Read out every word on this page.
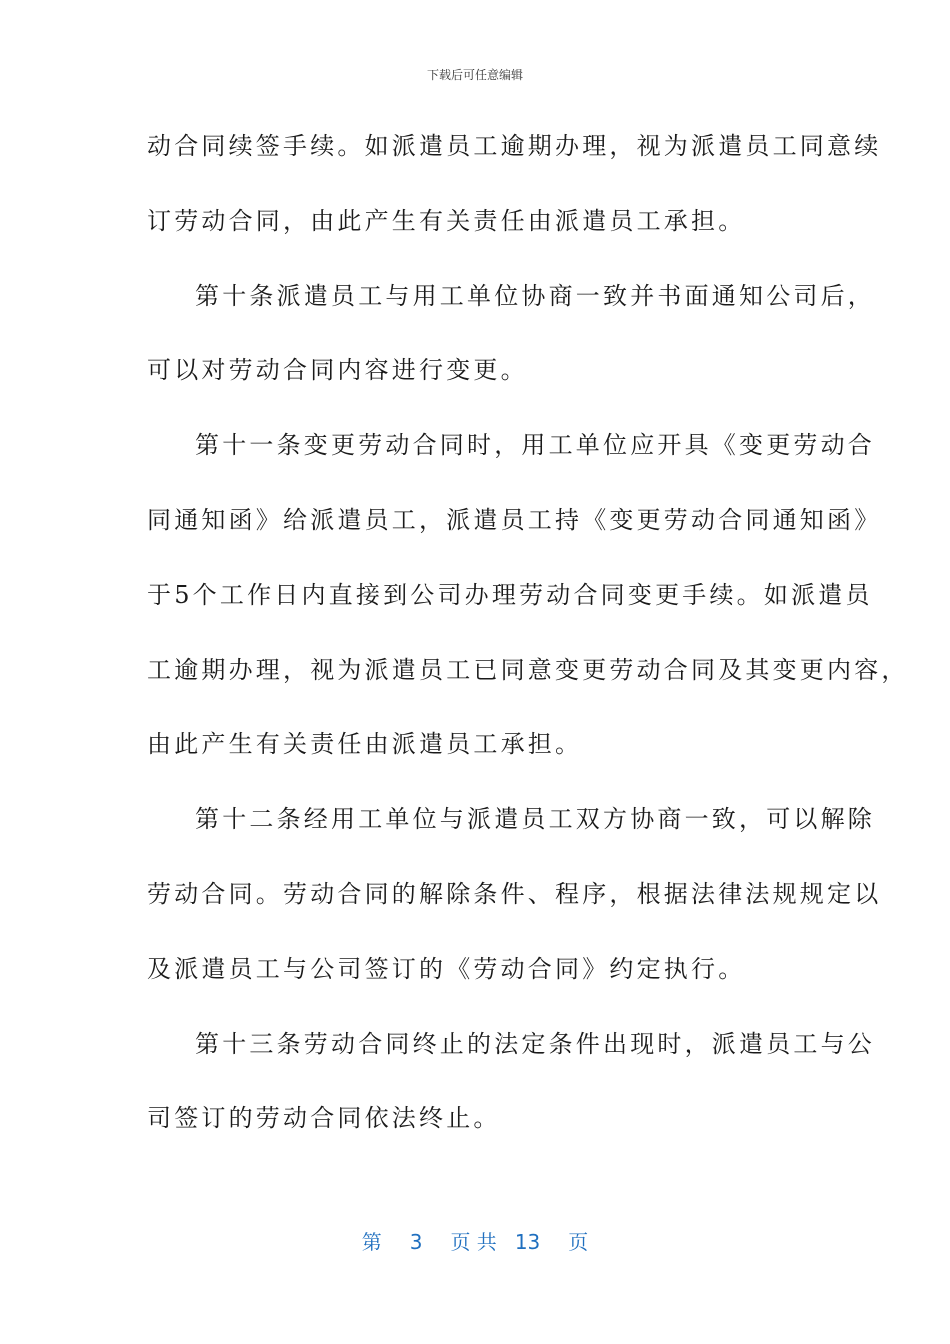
下载后可任意编辑
动合同续签手续。如派遣员工逾期办理，视为派遣员工同意续
订劳动合同，由此产生有关责任由派遣员工承担。
第十条派遣员工与用工单位协商一致并书面通知公司后，
可以对劳动合同内容进行变更。
第十一条变更劳动合同时，用工单位应开具《变更劳动合
同通知函》给派遣员工，派遣员工持《变更劳动合同通知函》
于5个工作日内直接到公司办理劳动合同变更手续。如派遣员
工逾期办理，视为派遣员工已同意变更劳动合同及其变更内容，
由此产生有关责任由派遣员工承担。
第十二条经用工单位与派遣员工双方协商一致，可以解除
劳动合同。劳动合同的解除条件、程序，根据法律法规规定以
及派遣员工与公司签订的《劳动合同》约定执行。
第十三条劳动合同终止的法定条件出现时，派遣员工与公
司签订的劳动合同依法终止。
第 3 页 共 13 页
